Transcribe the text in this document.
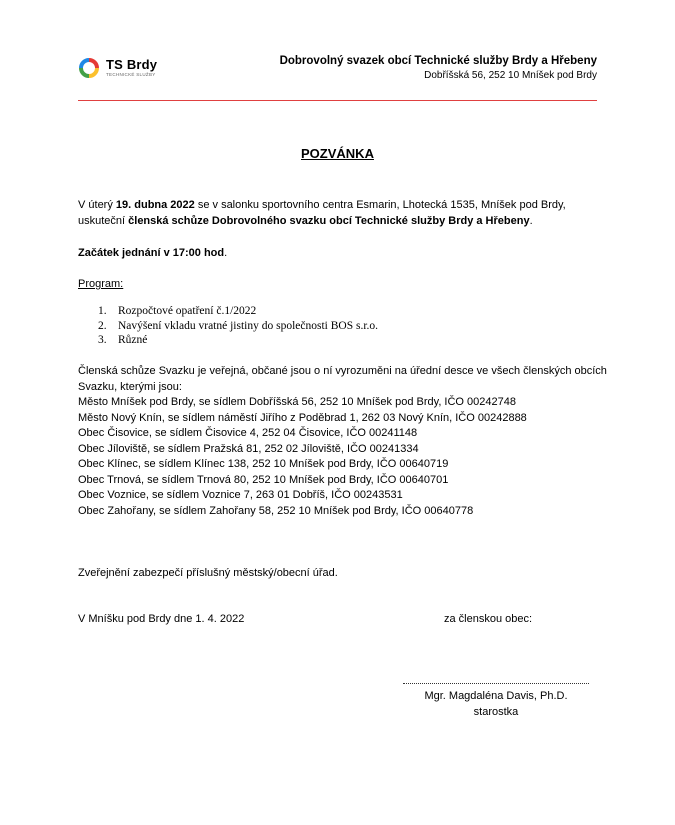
TS Brdy
TECHNICKÉ SLUŽBY
Dobrovolný svazek obcí Technické služby Brdy a Hřebeny
Dobříšská 56, 252 10 Mníšek pod Brdy
POZVÁNKA
V úterý 19. dubna 2022 se v salonku sportovního centra Esmarin, Lhotecká 1535, Mníšek pod Brdy, uskuteční členská schůze Dobrovolného svazku obcí Technické služby Brdy a Hřebeny.
Začátek jednání v 17:00 hod.
Program:
1. Rozpočtové opatření č.1/2022
2. Navýšení vkladu vratné jistiny do společnosti BOS s.r.o.
3. Různé
Členská schůze Svazku je veřejná, občané jsou o ní vyrozuměni na úřední desce ve všech členských obcích Svazku, kterými jsou:
Město Mníšek pod Brdy, se sídlem Dobříšská 56, 252 10 Mníšek pod Brdy, IČO 00242748
Město Nový Knín, se sídlem náměstí Jiřího z Poděbrad 1, 262 03 Nový Knín, IČO 00242888
Obec Čisovice, se sídlem Čisovice 4, 252 04 Čisovice, IČO 00241148
Obec Jíloviště, se sídlem Pražská 81, 252 02 Jíloviště, IČO 00241334
Obec Klínec, se sídlem Klínec 138, 252 10 Mníšek pod Brdy, IČO 00640719
Obec Trnová, se sídlem Trnová 80, 252 10 Mníšek pod Brdy, IČO 00640701
Obec Voznice, se sídlem Voznice 7, 263 01 Dobříš, IČO 00243531
Obec Zahořany, se sídlem Zahořany 58, 252 10 Mníšek pod Brdy, IČO 00640778
Zveřejnění zabezpečí příslušný městský/obecní úřad.
V Mníšku pod Brdy dne 1. 4. 2022	za členskou obec:
Mgr. Magdaléna Davis, Ph.D.
starostka
